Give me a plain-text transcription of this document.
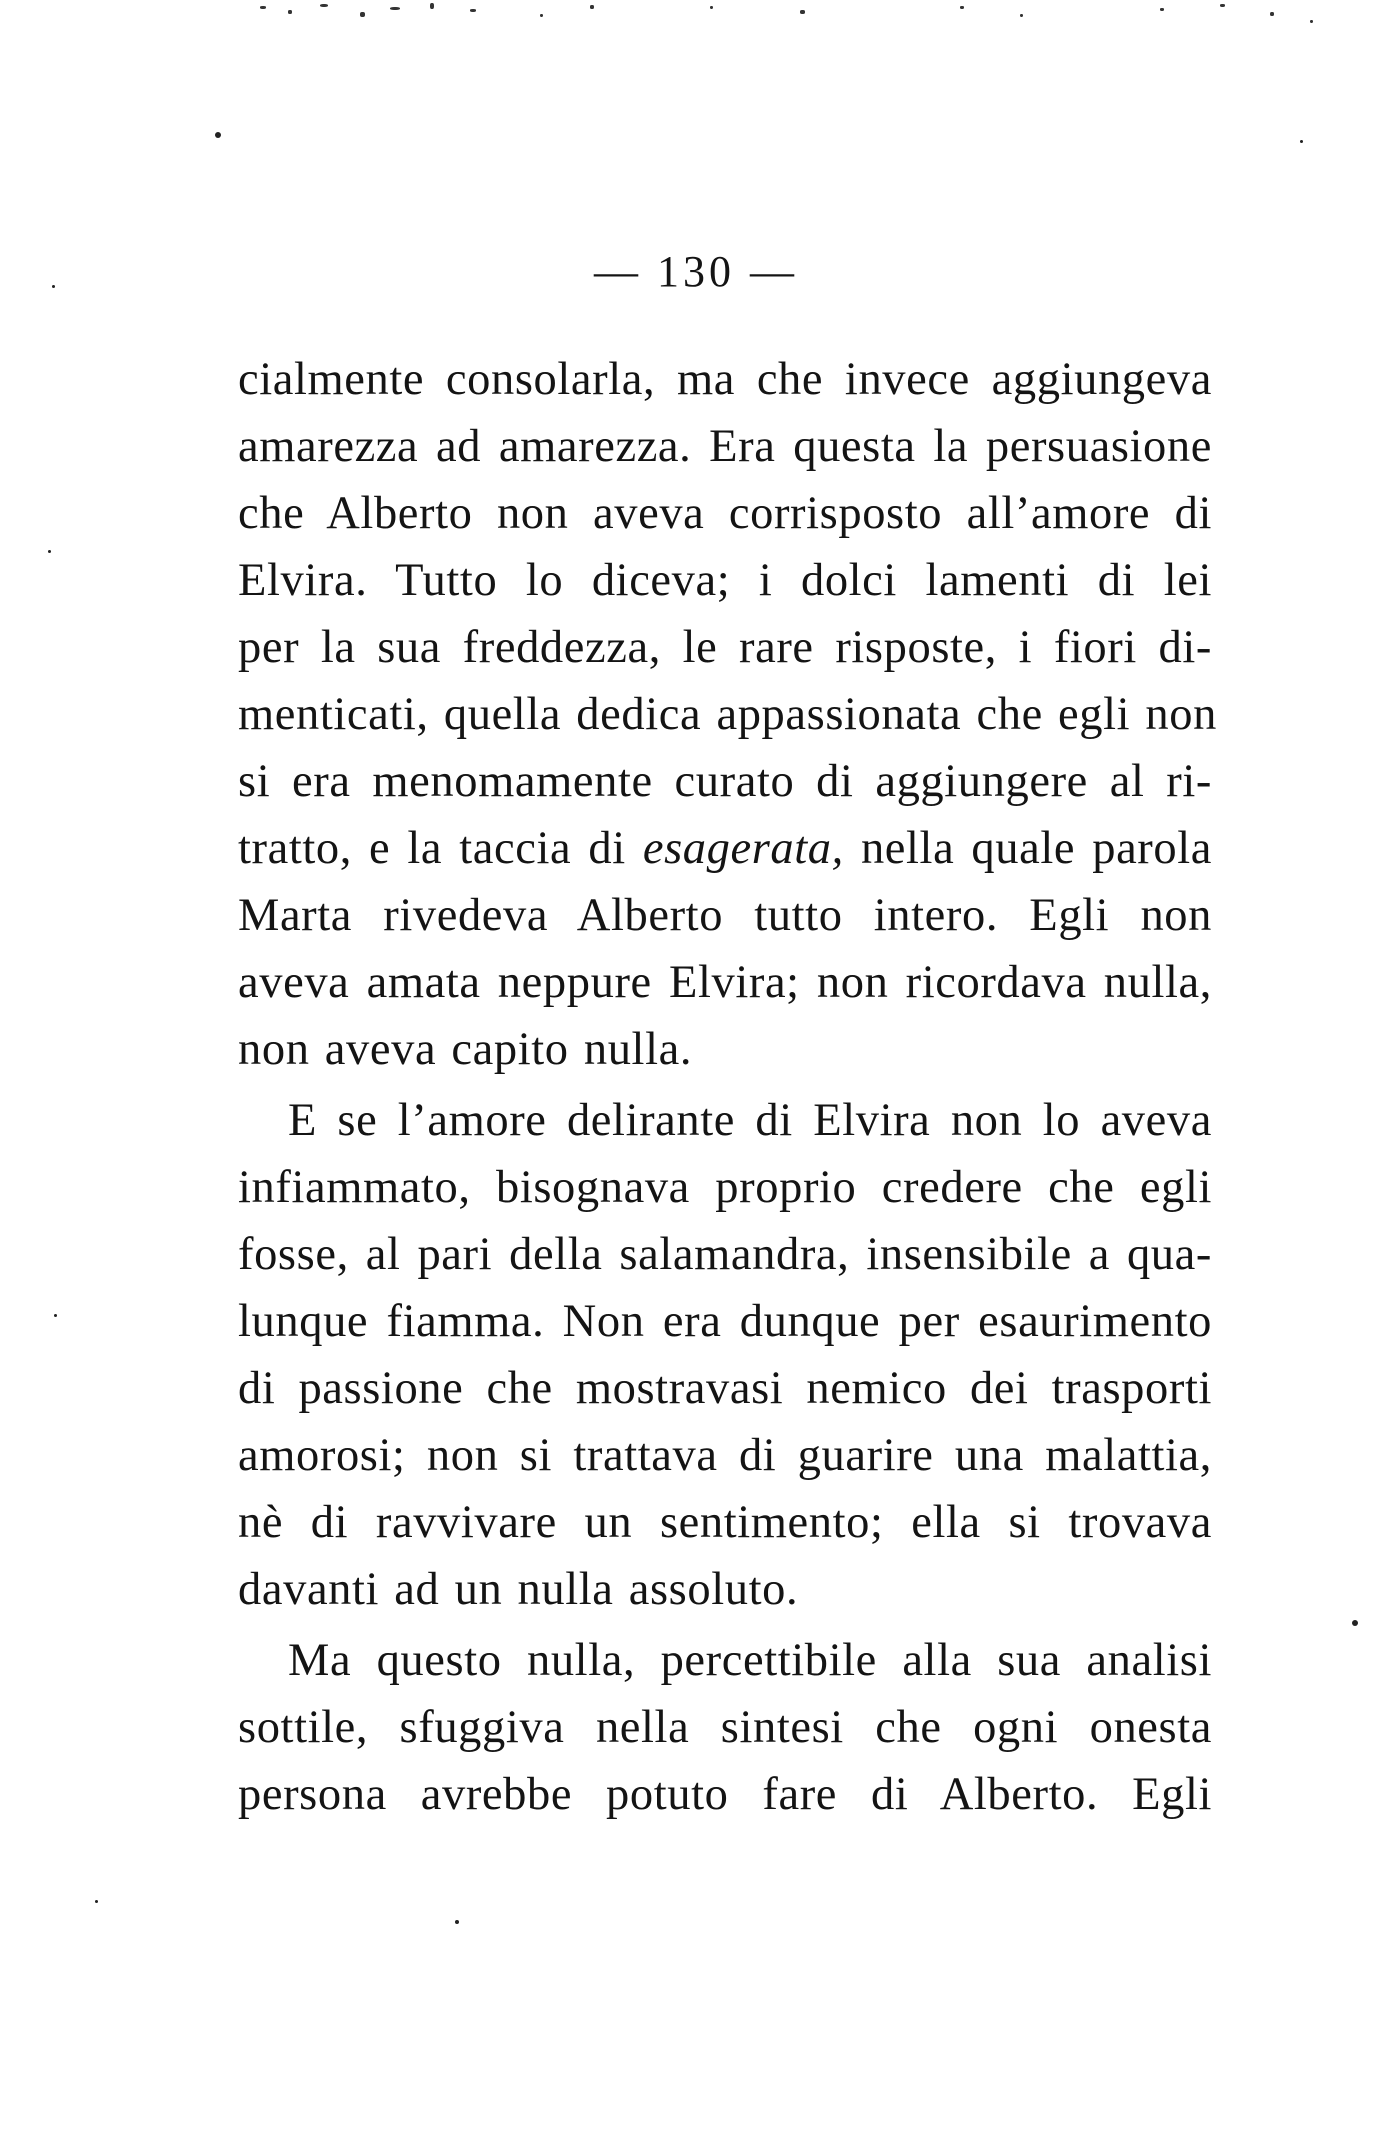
— 130 —
cialmente consolarla, ma che invece aggiungeva
amarezza ad amarezza. Era questa la persuasione
che Alberto non aveva corrisposto all’amore di
Elvira. Tutto lo diceva; i dolci lamenti di lei
per la sua freddezza, le rare risposte, i fiori di-
menticati, quella dedica appassionata che egli non
si era menomamente curato di aggiungere al ri-
tratto, e la taccia di esagerata, nella quale parola
Marta rivedeva Alberto tutto intero. Egli non
aveva amata neppure Elvira; non ricordava nulla,
non aveva capito nulla.
E se l’amore delirante di Elvira non lo aveva
infiammato, bisognava proprio credere che egli
fosse, al pari della salamandra, insensibile a qua-
lunque fiamma. Non era dunque per esaurimento
di passione che mostravasi nemico dei trasporti
amorosi; non si trattava di guarire una malattia,
nè di ravvivare un sentimento; ella si trovava
davanti ad un nulla assoluto.
Ma questo nulla, percettibile alla sua analisi
sottile, sfuggiva nella sintesi che ogni onesta
persona avrebbe potuto fare di Alberto. Egli
